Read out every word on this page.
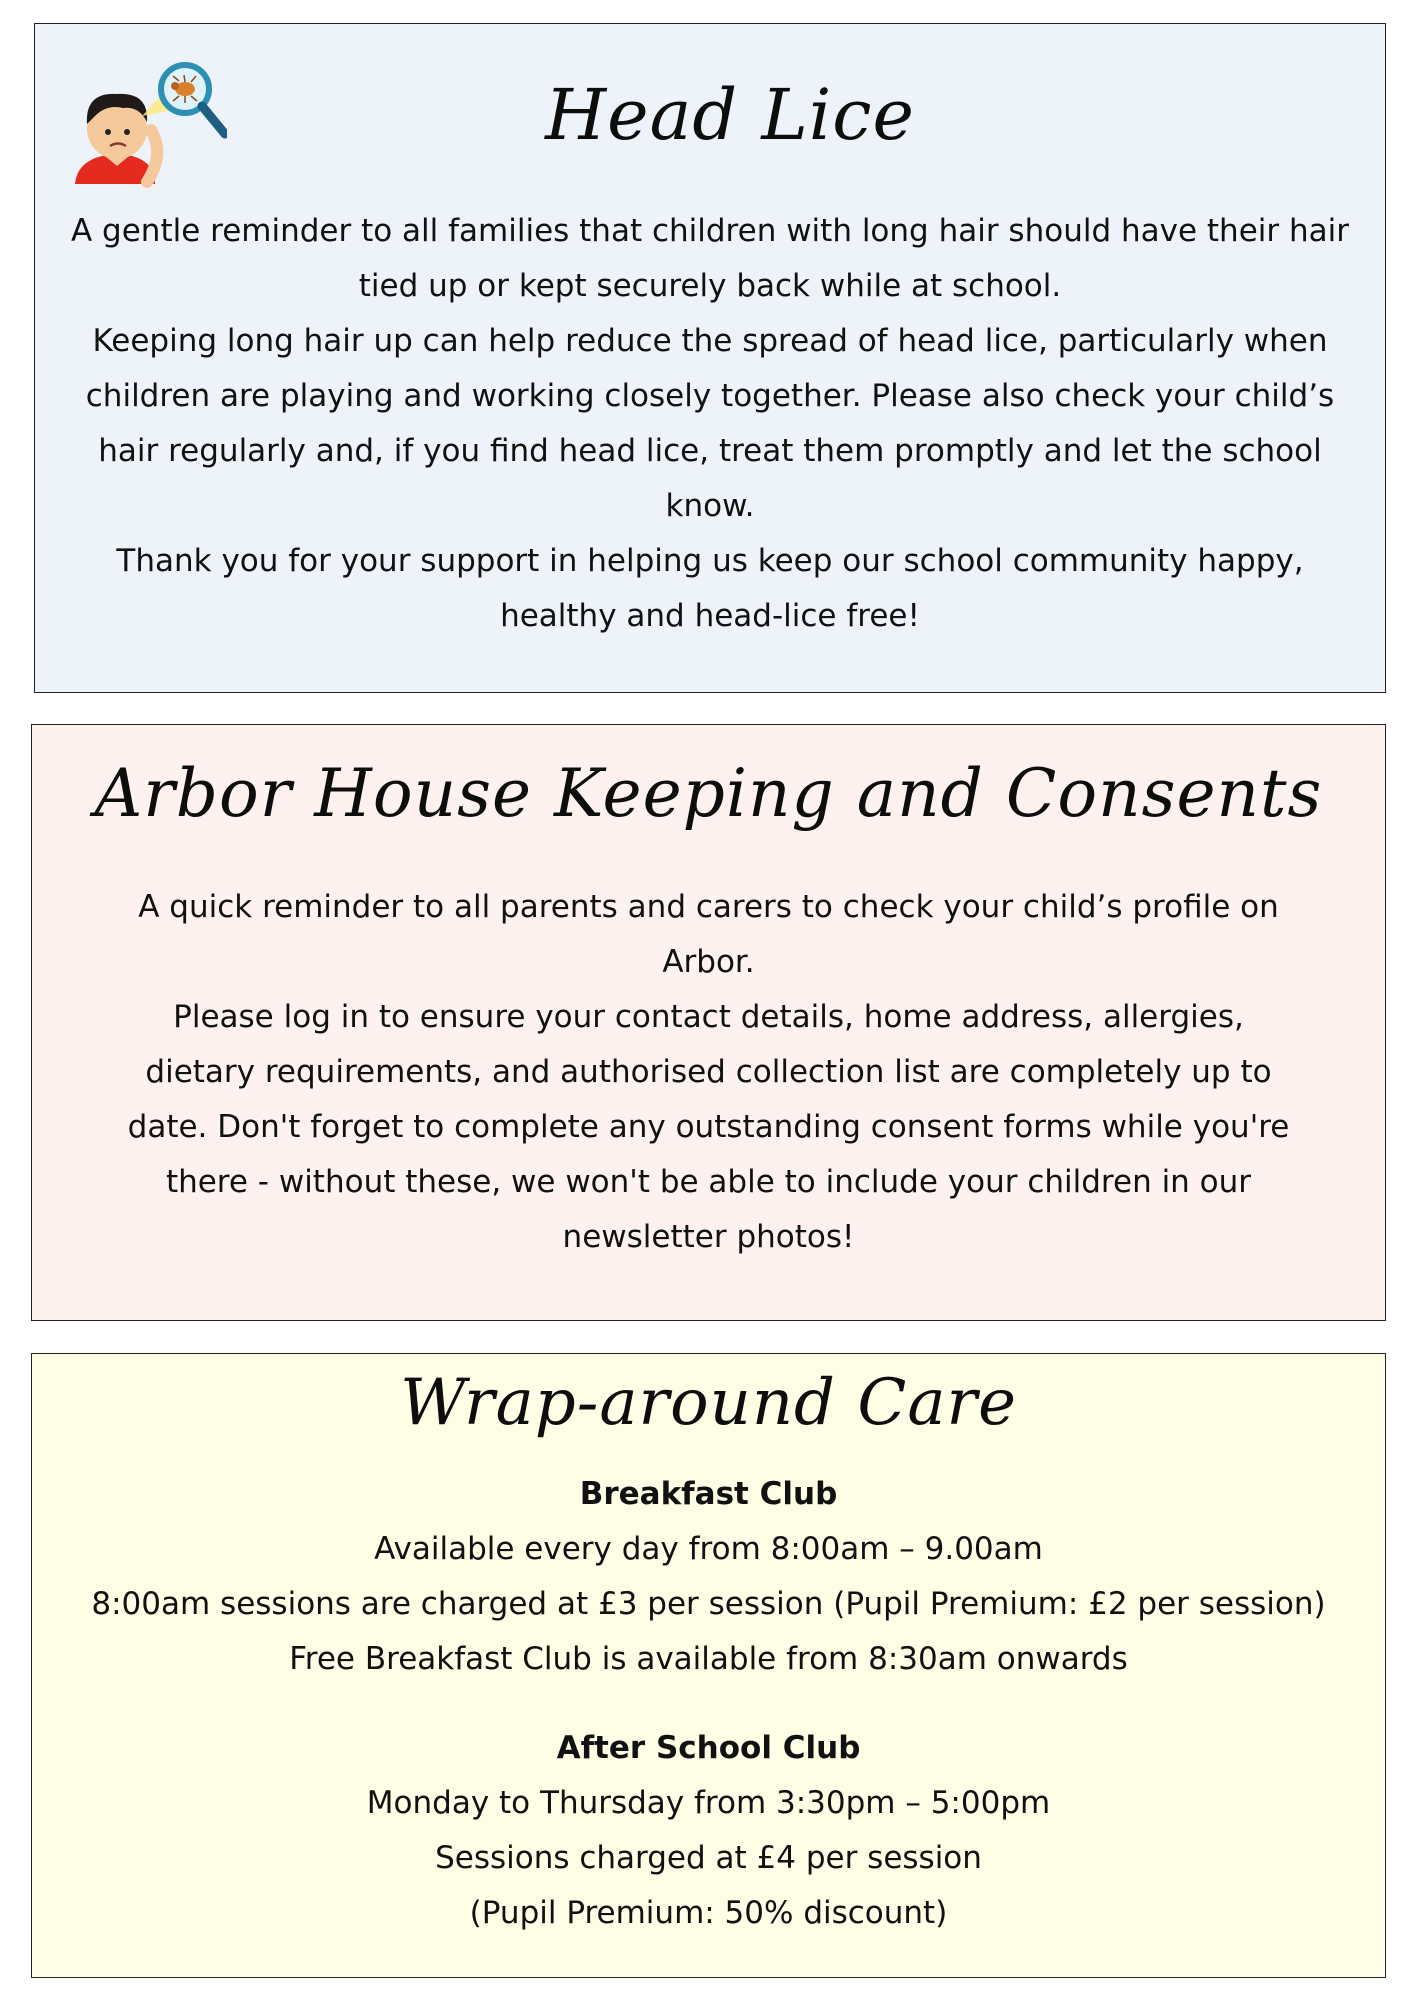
Head Lice

A gentle reminder to all families that children with long hair should have their hair tied up or kept securely back while at school.

Keeping long hair up can help reduce the spread of head lice, particularly when children are playing and working closely together. Please also check your child’s hair regularly and, if you find head lice, treat them promptly and let the school know.

Thank you for your support in helping us keep our school community happy, healthy and head-lice free!

Arbor House Keeping and Consents

A quick reminder to all parents and carers to check your child’s profile on Arbor.

Please log in to ensure your contact details, home address, allergies, dietary requirements, and authorised collection list are completely up to date. Don't forget to complete any outstanding consent forms while you're there - without these, we won't be able to include your children in our newsletter photos!

Wrap-around Care

Breakfast Club

Available every day from 8:00am – 9.00am

8:00am sessions are charged at £3 per session (Pupil Premium: £2 per session)

Free Breakfast Club is available from 8:30am onwards

After School Club

Monday to Thursday from 3:30pm – 5:00pm

Sessions charged at £4 per session

(Pupil Premium: 50% discount)
